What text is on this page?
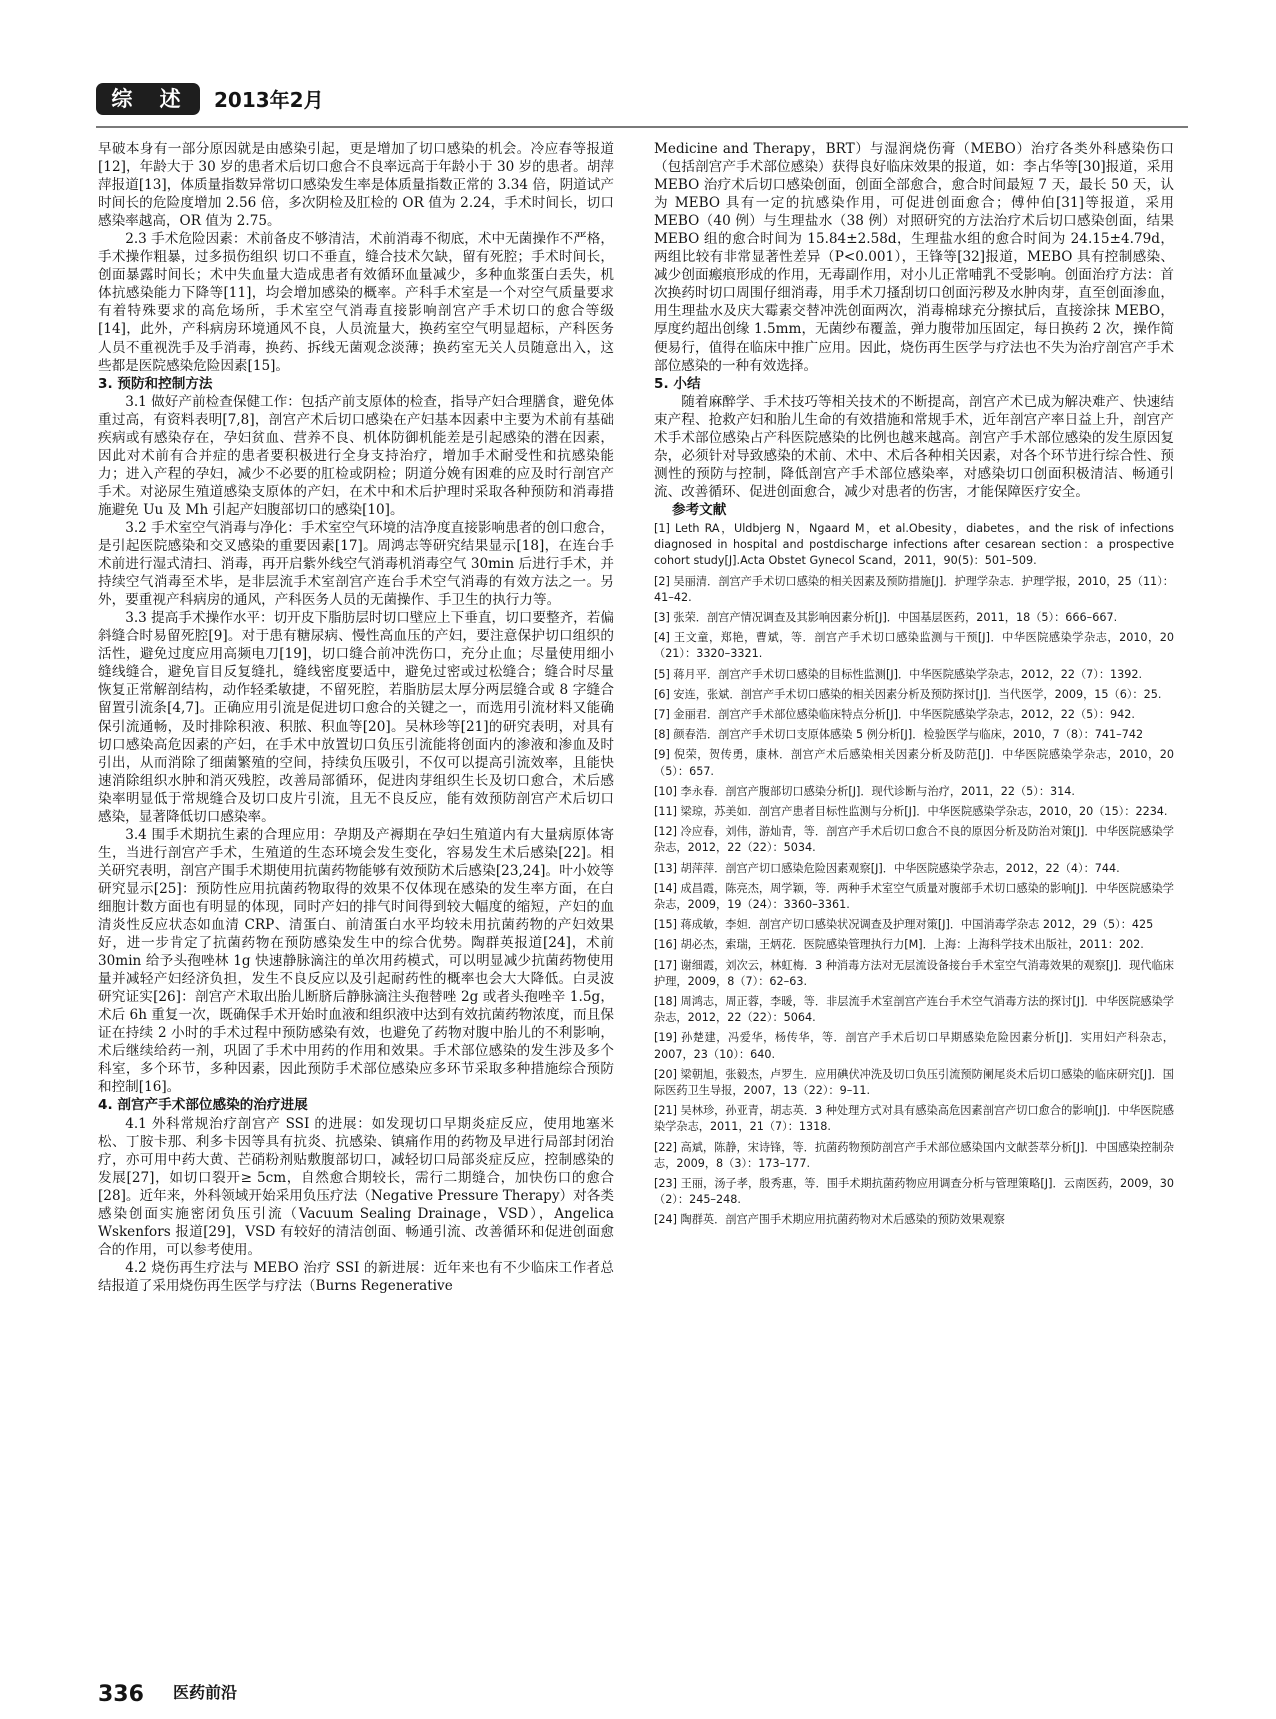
综 述	2013年2月
早破本身有一部分原因就是由感染引起，更是增加了切口感染的机会。冷应春等报道[12]，年龄大于 30 岁的患者术后切口愈合不良率远高于年龄小于 30 岁的患者。胡萍萍报道[13]，体质量指数异常切口感染发生率是体质量指数正常的 3.34 倍，阴道试产时间长的危险度增加 2.56 倍，多次阴检及肛检的 OR 值为 2.24，手术时间长，切口感染率越高，OR 值为 2.75。
2.3 手术危险因素：术前备皮不够清洁，术前消毒不彻底，术中无菌操作不严格，手术操作粗暴，过多损伤组织 切口不垂直，缝合技术欠缺，留有死腔；手术时间长，创面暴露时间长；术中失血量大造成患者有效循环血量减少，多种血浆蛋白丢失，机体抗感染能力下降等[11]，均会增加感染的概率。产科手术室是一个对空气质量要求有着特殊要求的高危场所，手术室空气消毒直接影响剖宫产手术切口的愈合等级[14]，此外，产科病房环境通风不良，人员流量大，换药室空气明显超标，产科医务人员不重视洗手及手消毒，换药、拆线无菌观念淡薄；换药室无关人员随意出入，这些都是医院感染危险因素[15]。
3. 预防和控制方法
3.1 做好产前检查保健工作：包括产前支原体的检查，指导产妇合理膳食，避免体重过高，有资料表明[7,8]，剖宫产术后切口感染在产妇基本因素中主要为术前有基础疾病或有感染存在，孕妇贫血、营养不良、机体防御机能差是引起感染的潜在因素，因此对术前有合并症的患者要积极进行全身支持治疗，增加手术耐受性和抗感染能力；进入产程的孕妇，减少不必要的肛检或阴检；阴道分娩有困难的应及时行剖宫产手术。对泌尿生殖道感染支原体的产妇，在术中和术后护理时采取各种预防和消毒措施避免 Uu 及 Mh 引起产妇腹部切口的感染[10]。
3.2 手术室空气消毒与净化：手术室空气环境的洁净度直接影响患者的创口愈合，是引起医院感染和交叉感染的重要因素[17]。周鸿志等研究结果显示[18]，在连台手术前进行湿式清扫、消毒，再开启紫外线空气消毒机消毒空气 30min 后进行手术，并持续空气消毒至术毕，是非层流手术室剖宫产连台手术空气消毒的有效方法之一。另外，要重视产科病房的通风，产科医务人员的无菌操作、手卫生的执行力等。
3.3 提高手术操作水平：切开皮下脂肪层时切口壁应上下垂直，切口要整齐，若偏斜缝合时易留死腔[9]。对于患有糖尿病、慢性高血压的产妇，要注意保护切口组织的活性，避免过度应用高频电刀[19]，切口缝合前冲洗伤口，充分止血；尽量使用细小缝线缝合，避免盲目反复缝扎，缝线密度要适中，避免过密或过松缝合；缝合时尽量恢复正常解剖结构，动作轻柔敏捷，不留死腔，若脂肪层太厚分两层缝合或 8 字缝合留置引流条[4,7]。正确应用引流是促进切口愈合的关键之一，而选用引流材料又能确保引流通畅，及时排除积液、积脓、积血等[20]。吴林珍等[21]的研究表明，对具有切口感染高危因素的产妇，在手术中放置切口负压引流能将创面内的渗液和渗血及时引出，从而消除了细菌繁殖的空间，持续负压吸引，不仅可以提高引流效率，且能快速消除组织水肿和消灭残腔，改善局部循环，促进肉芽组织生长及切口愈合，术后感染率明显低于常规缝合及切口皮片引流，且无不良反应，能有效预防剖宫产术后切口感染，显著降低切口感染率。
3.4 围手术期抗生素的合理应用：孕期及产褥期在孕妇生殖道内有大量病原体寄生，当进行剖宫产手术，生殖道的生态环境会发生变化，容易发生术后感染[22]。相关研究表明，剖宫产围手术期使用抗菌药物能够有效预防术后感染[23,24]。叶小姣等研究显示[25]：预防性应用抗菌药物取得的效果不仅体现在感染的发生率方面，在白细胞计数方面也有明显的体现，同时产妇的排气时间得到较大幅度的缩短，产妇的血清炎性反应状态如血清 CRP、清蛋白、前清蛋白水平均较未用抗菌药物的产妇效果好，进一步肯定了抗菌药物在预防感染发生中的综合优势。陶群英报道[24]，术前 30min 给予头孢唑林 1g 快速静脉滴注的单次用药模式，可以明显减少抗菌药物使用量并减轻产妇经济负担，发生不良反应以及引起耐药性的概率也会大大降低。白灵波研究证实[26]：剖宫产术取出胎儿断脐后静脉滴注头孢替唑 2g 或者头孢唑辛 1.5g，术后 6h 重复一次，既确保手术开始时血液和组织液中达到有效抗菌药物浓度，而且保证在持续 2 小时的手术过程中预防感染有效，也避免了药物对腹中胎儿的不利影响，术后继续给药一剂，巩固了手术中用药的作用和效果。手术部位感染的发生涉及多个科室，多个环节，多种因素，因此预防手术部位感染应多环节采取多种措施综合预防和控制[16]。
4. 剖宫产手术部位感染的治疗进展
4.1 外科常规治疗剖宫产 SSI 的进展：如发现切口早期炎症反应，使用地塞米松、丁胺卡那、利多卡因等具有抗炎、抗感染、镇痛作用的药物及早进行局部封闭治疗，亦可用中药大黄、芒硝粉剂贴敷腹部切口，减轻切口局部炎症反应，控制感染的发展[27]，如切口裂开≥ 5cm，自然愈合期较长，需行二期缝合，加快伤口的愈合[28]。近年来，外科领域开始采用负压疗法（Negative Pressure Therapy）对各类感染创面实施密闭负压引流（Vacuum Sealing Drainage，VSD），Angelica Wskenfors 报道[29]，VSD 有较好的清洁创面、畅通引流、改善循环和促进创面愈合的作用，可以参考使用。
4.2 烧伤再生疗法与 MEBO 治疗 SSI 的新进展：近年来也有不少临床工作者总结报道了采用烧伤再生医学与疗法（Burns Regenerative
Medicine and Therapy，BRT）与湿润烧伤膏（MEBO）治疗各类外科感染伤口（包括剖宫产手术部位感染）获得良好临床效果的报道，如：李占华等[30]报道，采用 MEBO 治疗术后切口感染创面，创面全部愈合，愈合时间最短 7 天，最长 50 天，认为 MEBO 具有一定的抗感染作用，可促进创面愈合；傅仲伯[31]等报道，采用 MEBO（40 例）与生理盐水（38 例）对照研究的方法治疗术后切口感染创面，结果 MEBO 组的愈合时间为 15.84±2.58d，生理盐水组的愈合时间为 24.15±4.79d，两组比较有非常显著性差异（P<0.001），王锋等[32]报道，MEBO 具有控制感染、减少创面瘢痕形成的作用，无毒副作用，对小儿正常哺乳不受影响。创面治疗方法：首次换药时切口周围仔细消毒，用手术刀搔刮切口创面污秽及水肿肉芽，直至创面渗血，用生理盐水及庆大霉素交替冲洗创面两次，消毒棉球充分擦拭后，直接涂抹 MEBO，厚度约超出创缘 1.5mm，无菌纱布覆盖，弹力腹带加压固定，每日换药 2 次，操作简便易行，值得在临床中推广应用。因此，烧伤再生医学与疗法也不失为治疗剖宫产手术部位感染的一种有效选择。
5. 小结
随着麻醉学、手术技巧等相关技术的不断提高，剖宫产术已成为解决难产、快速结束产程、抢救产妇和胎儿生命的有效措施和常规手术，近年剖宫产率日益上升，剖宫产术手术部位感染占产科医院感染的比例也越来越高。剖宫产手术部位感染的发生原因复杂，必须针对导致感染的术前、术中、术后各种相关因素，对各个环节进行综合性、预测性的预防与控制，降低剖宫产手术部位感染率，对感染切口创面积极清洁、畅通引流、改善循环、促进创面愈合，减少对患者的伤害，才能保障医疗安全。
参考文献
[1] Leth RA，Uldbjerg N，Ngaard M，et al.Obesity，diabetes，and the risk of infections diagnosed in hospital and postdischarge infections after cesarean section：a prospective cohort study[J].Acta Obstet Gynecol Scand，2011，90(5)：501–509.
[2] 吴丽清．剖宫产手术切口感染的相关因素及预防措施[J]．护理学杂志．护理学报，2010，25（11）：41–42.
[3] 张荣．剖宫产情况调查及其影响因素分析[J]．中国基层医药，2011，18（5）：666–667.
[4] 王文童，郑艳，曹斌，等．剖宫产手术切口感染监测与干预[J]．中华医院感染学杂志，2010，20（21）：3320–3321.
[5] 蒋月平．剖宫产手术切口感染的目标性监测[J]．中华医院感染学杂志，2012，22（7）：1392.
[6] 安连，张斌．剖宫产手术切口感染的相关因素分析及预防探讨[J]．当代医学，2009，15（6）：25.
[7] 金丽君．剖宫产手术部位感染临床特点分析[J]．中华医院感染学杂志，2012，22（5）：942.
[8] 颜春浩．剖宫产手术切口支原体感染 5 例分析[J]．检验医学与临床，2010，7（8）：741–742
[9] 倪荣，贺传勇，康林．剖宫产术后感染相关因素分析及防范[J]．中华医院感染学杂志，2010，20（5）：657.
[10] 李永春．剖宫产腹部切口感染分析[J]．现代诊断与治疗，2011，22（5）：314.
[11] 梁琼，苏美如．剖宫产患者目标性监测与分析[J]．中华医院感染学杂志，2010，20（15）：2234.
[12] 冷应春，刘伟，游灿青，等．剖宫产手术后切口愈合不良的原因分析及防治对策[J]．中华医院感染学杂志，2012，22（22）：5034.
[13] 胡萍萍．剖宫产切口感染危险因素观察[J]．中华医院感染学杂志，2012，22（4）：744.
[14] 成昌霞，陈亮杰，周学颖，等．两种手术室空气质量对腹部手术切口感染的影响[J]．中华医院感染学杂志，2009，19（24）：3360–3361.
[15] 蒋成敏，李妲．剖宫产切口感染状况调查及护理对策[J]．中国消毒学杂志 2012，29（5）：425
[16] 胡必杰，索瑞，王炳花．医院感染管理执行力[M]．上海：上海科学技术出版社，2011：202.
[17] 谢细霞，刘次云，林虹梅．3 种消毒方法对无层流设备接台手术室空气消毒效果的观察[J]．现代临床护理，2009，8（7）：62–63.
[18] 周鸿志，周正蓉，李暖，等．非层流手术室剖宫产连台手术空气消毒方法的探讨[J]．中华医院感染学杂志，2012，22（22）：5064.
[19] 孙楚建，冯爱华，杨传华，等．剖宫产手术后切口早期感染危险因素分析[J]．实用妇产科杂志，2007，23（10）：640.
[20] 梁朝旭，张毅杰，卢罗生．应用碘伏冲洗及切口负压引流预防阑尾炎术后切口感染的临床研究[J]．国际医药卫生导报，2007，13（22）：9–11.
[21] 吴林珍，孙亚青，胡志英．3 种处理方式对具有感染高危因素剖宫产切口愈合的影响[J]．中华医院感染学杂志，2011，21（7）：1318.
[22] 高斌，陈静，宋诗锋，等．抗菌药物预防剖宫产手术部位感染国内文献荟萃分析[J]．中国感染控制杂志，2009，8（3）：173–177.
[23] 王丽，汤子孝，殷秀惠，等．围手术期抗菌药物应用调查分析与管理策略[J]．云南医药，2009，30（2）：245–248.
[24] 陶群英．剖宫产围手术期应用抗菌药物对术后感染的预防效果观察
336 医药前沿
